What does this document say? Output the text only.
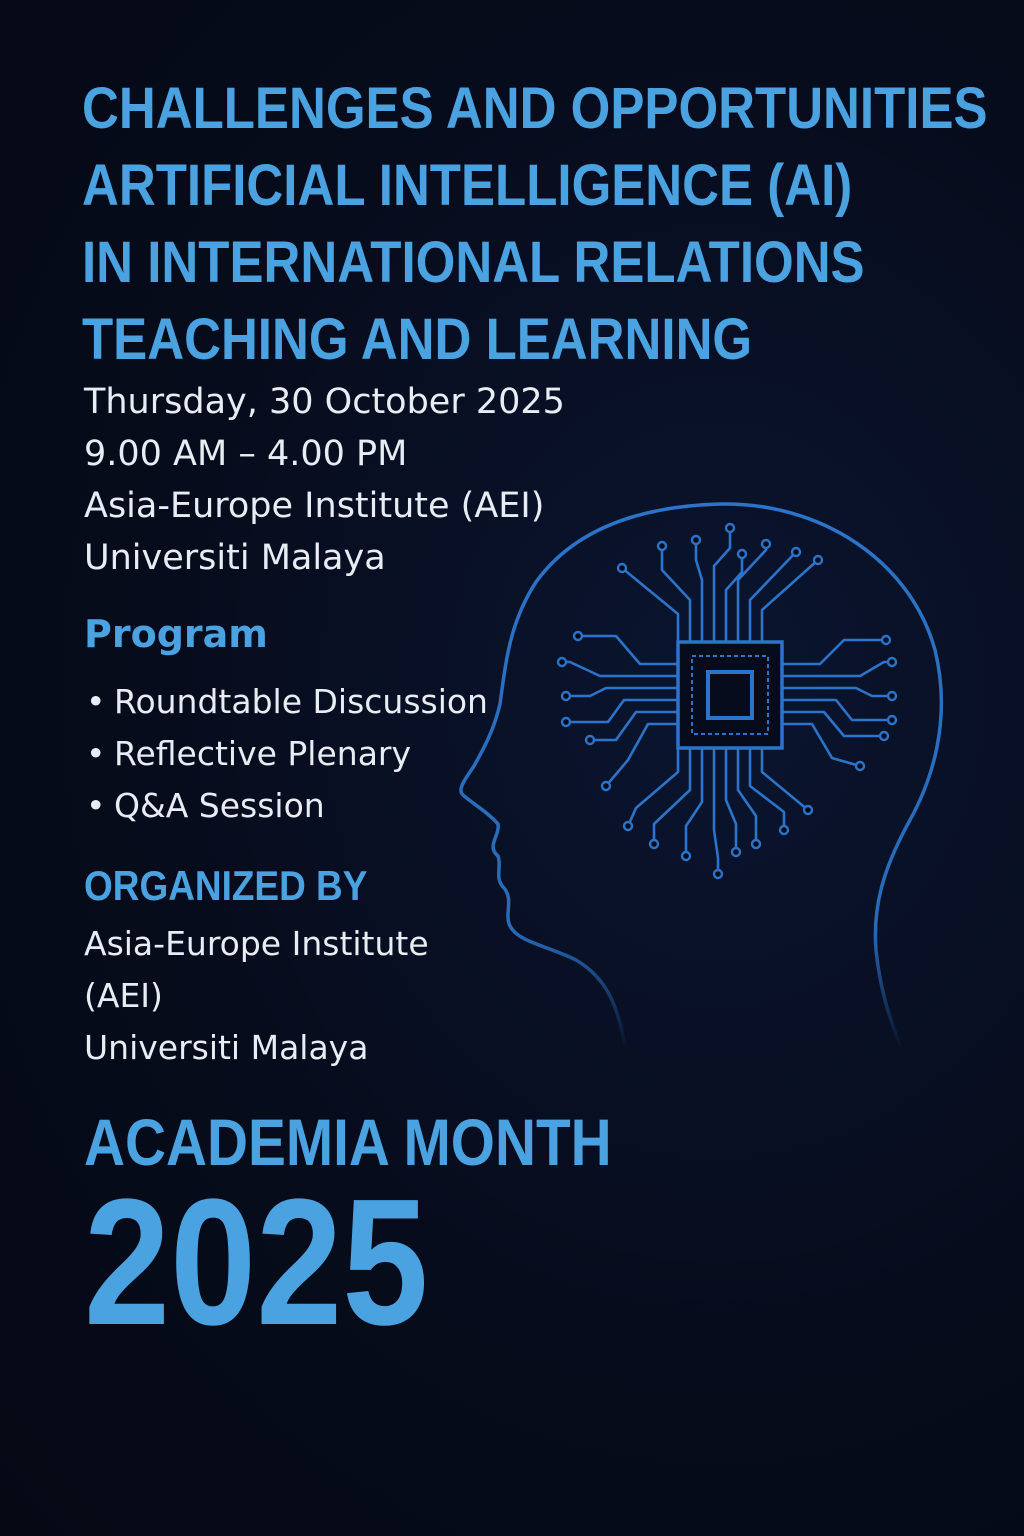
CHALLENGES AND OPPORTUNITIES
ARTIFICIAL INTELLIGENCE (AI)
IN INTERNATIONAL RELATIONS
TEACHING AND LEARNING
Thursday, 30 October 2025
9.00 AM – 4.00 PM
Asia-Europe Institute (AEI)
Universiti Malaya
Program
• Roundtable Discussion
• Reflective Plenary
• Q&A Session
ORGANIZED BY
Asia-Europe Institute
(AEI)
Universiti Malaya
ACADEMIA MONTH
2025
